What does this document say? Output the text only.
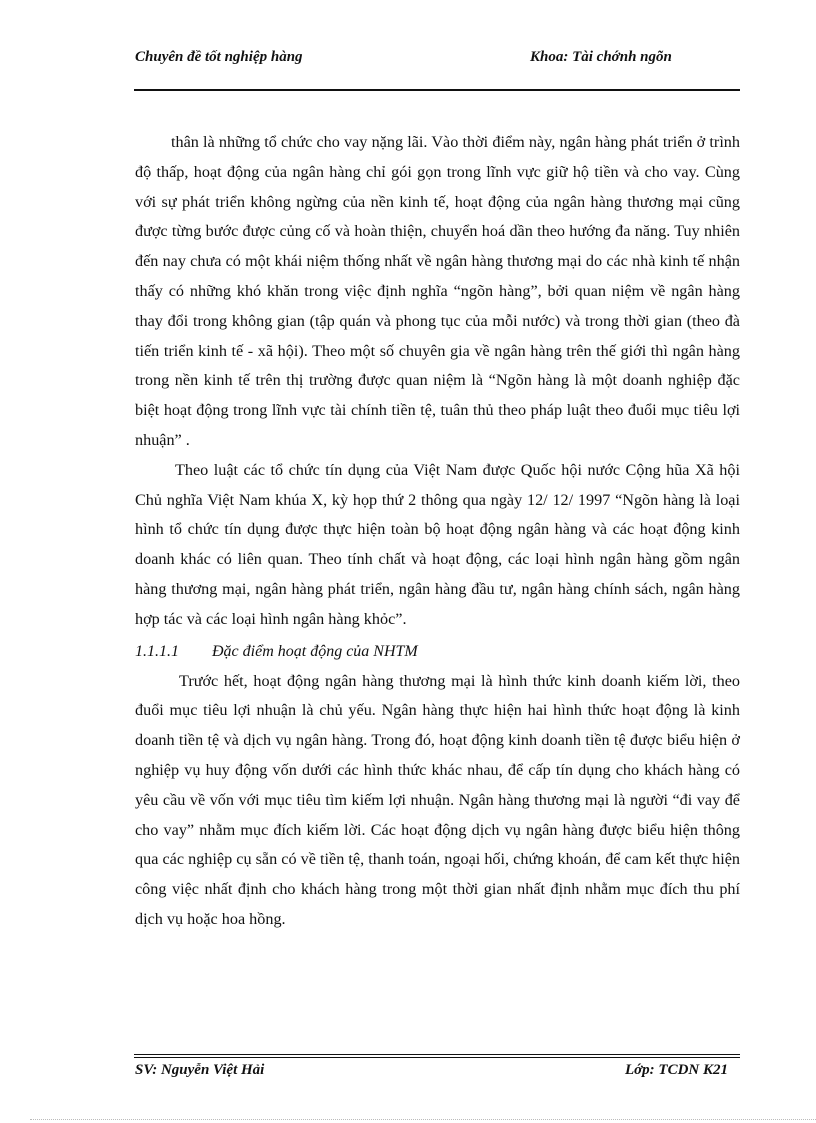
Chuyên đề tốt nghiệp hàng	Khoa: Tài chớnh ngõn

thân là những tổ chức cho vay nặng lãi. Vào thời điểm này, ngân hàng phát triển ở trình độ thấp, hoạt động của ngân hàng chỉ gói gọn trong lĩnh vực giữ hộ tiền và cho vay. Cùng với sự phát triển không ngừng của nền kinh tế, hoạt động của ngân hàng thương mại cũng được từng bước được củng cố và hoàn thiện, chuyển hoá dần theo hướng đa năng. Tuy nhiên đến nay chưa có một khái niệm thống nhất về ngân hàng thương mại do các nhà kinh tế nhận thấy có những khó khăn trong việc định nghĩa “ngõn hàng”, bởi quan niệm về ngân hàng thay đổi trong không gian (tập quán và phong tục của mỗi nước) và trong thời gian (theo đà tiến triển kinh tế - xã hội). Theo một số chuyên gia về ngân hàng trên thế giới thì ngân hàng trong nền kinh tế trên thị trường được quan niệm là “Ngõn hàng là một doanh nghiệp đặc biệt hoạt động trong lĩnh vực tài chính tiền tệ, tuân thủ theo pháp luật theo đuổi mục tiêu lợi nhuận” .

Theo luật các tổ chức tín dụng của Việt Nam được Quốc hội nước Cộng hũa Xã hội Chủ nghĩa Việt Nam khúa X, kỳ họp thứ 2 thông qua ngày 12/ 12/ 1997 “Ngõn hàng là loại hình tổ chức tín dụng được thực hiện toàn bộ hoạt động ngân hàng và các hoạt động kinh doanh khác có liên quan. Theo tính chất và hoạt động, các loại hình ngân hàng gồm ngân hàng thương mại, ngân hàng phát triển, ngân hàng đầu tư, ngân hàng chính sách, ngân hàng hợp tác và các loại hình ngân hàng khỏc”.

1.1.1.1 Đặc điểm hoạt động của NHTM

Trước hết, hoạt động ngân hàng thương mại là hình thức kinh doanh kiếm lời, theo đuổi mục tiêu lợi nhuận là chủ yếu. Ngân hàng thực hiện hai hình thức hoạt động là kinh doanh tiền tệ và dịch vụ ngân hàng. Trong đó, hoạt động kinh doanh tiền tệ được biểu hiện ở nghiệp vụ huy động vốn dưới các hình thức khác nhau, để cấp tín dụng cho khách hàng có yêu cầu về vốn với mục tiêu tìm kiếm lợi nhuận. Ngân hàng thương mại là người “đi vay để cho vay” nhằm mục đích kiếm lời. Các hoạt động dịch vụ ngân hàng được biểu hiện thông qua các nghiệp cụ sẵn có về tiền tệ, thanh toán, ngoại hối, chứng khoán, để cam kết thực hiện công việc nhất định cho khách hàng trong một thời gian nhất định nhằm mục đích thu phí dịch vụ hoặc hoa hồng.

SV: Nguyễn Việt Hải	Lớp: TCDN K21
